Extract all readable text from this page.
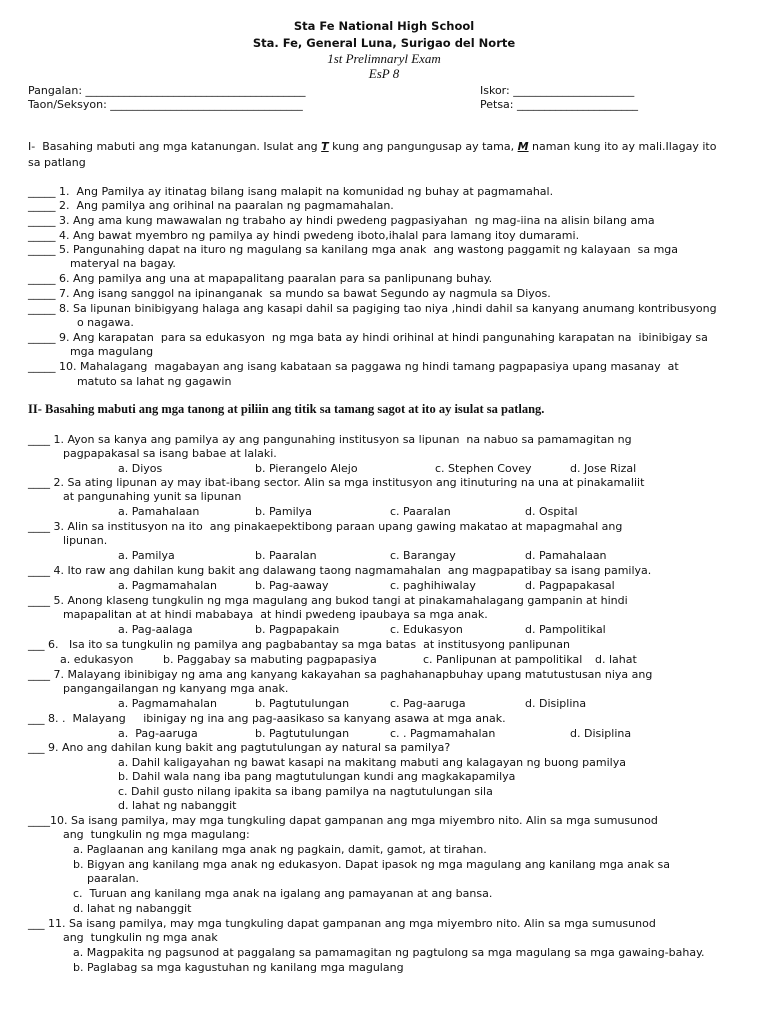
Sta Fe National High School
Sta. Fe, General Luna, Surigao del Norte
1st Prelimnaryl Exam
EsP 8
Pangalan: ________________________________________	Iskor: ______________________
Taon/Seksyon: ___________________________________	Petsa: ______________________
I-  Basahing mabuti ang mga katanungan. Isulat ang T kung ang pangungusap ay tama, M naman kung ito ay mali.Ilagay ito
sa patlang
_____ 1.  Ang Pamilya ay itinatag bilang isang malapit na komunidad ng buhay at pagmamahal.
_____ 2.  Ang pamilya ang orihinal na paaralan ng pagmamahalan.
_____ 3. Ang ama kung mawawalan ng trabaho ay hindi pwedeng pagpasiyahan  ng mag-iina na alisin bilang ama
_____ 4. Ang bawat myembro ng pamilya ay hindi pwedeng iboto,ihalal para lamang itoy dumarami.
_____ 5. Pangunahing dapat na ituro ng magulang sa kanilang mga anak  ang wastong paggamit ng kalayaan  sa mga
materyal na bagay.
_____ 6. Ang pamilya ang una at mapapalitang paaralan para sa panlipunang buhay.
_____ 7. Ang isang sanggol na ipinanganak  sa mundo sa bawat Segundo ay nagmula sa Diyos.
_____ 8. Sa lipunan binibigyang halaga ang kasapi dahil sa pagiging tao niya ,hindi dahil sa kanyang anumang kontribusyong
o nagawa.
_____ 9. Ang karapatan  para sa edukasyon  ng mga bata ay hindi orihinal at hindi pangunahing karapatan na  ibinibigay sa
mga magulang
_____ 10. Mahalagang  magabayan ang isang kabataan sa paggawa ng hindi tamang pagpapasiya upang masanay  at
matuto sa lahat ng gagawin
II- Basahing mabuti ang mga tanong at piliin ang titik sa tamang sagot at ito ay isulat sa patlang.
____ 1. Ayon sa kanya ang pamilya ay ang pangunahing institusyon sa lipunan  na nabuo sa pamamagitan ng
pagpapakasal sa isang babae at lalaki.
a. Diyos	b. Pierangelo Alejo	c. Stephen Covey	d. Jose Rizal
____ 2. Sa ating lipunan ay may ibat-ibang sector. Alin sa mga institusyon ang itinuturing na una at pinakamaliit
at pangunahing yunit sa lipunan
a. Pamahalaan	b. Pamilya	c. Paaralan	d. Ospital
____ 3. Alin sa institusyon na ito  ang pinakaepektibong paraan upang gawing makatao at mapagmahal ang
lipunan.
a. Pamilya	b. Paaralan	c. Barangay	d. Pamahalaan
____ 4. Ito raw ang dahilan kung bakit ang dalawang taong nagmamahalan  ang magpapatibay sa isang pamilya.
a. Pagmamahalan	b. Pag-aaway	c. paghihiwalay	d. Pagpapakasal
____ 5. Anong klaseng tungkulin ng mga magulang ang bukod tangi at pinakamahalagang gampanin at hindi
mapapalitan at at hindi mababaya  at hindi pwedeng ipaubaya sa mga anak.
a. Pag-aalaga	b. Pagpapakain	c. Edukasyon	d. Pampolitikal
___ 6.   Isa ito sa tungkulin ng pamilya ang pagbabantay sa mga batas  at institusyong panlipunan
a. edukasyon	b. Paggabay sa mabuting pagpapasiya	c. Panlipunan at pampolitikal d. lahat
____ 7. Malayang ibinibigay ng ama ang kanyang kakayahan sa paghahanapbuhay upang matutustusan niya ang
pangangailangan ng kanyang mga anak.
a. Pagmamahalan	b. Pagtutulungan	c. Pag-aaruga	d. Disiplina
___ 8. .  Malayang     ibinigay ng ina ang pag-aasikaso sa kanyang asawa at mga anak.
a.  Pag-aaruga	b. Pagtutulungan	c. . Pagmamahalan	d. Disiplina
___ 9. Ano ang dahilan kung bakit ang pagtutulungan ay natural sa pamilya?
a. Dahil kaligayahan ng bawat kasapi na makitang mabuti ang kalagayan ng buong pamilya
b. Dahil wala nang iba pang magtutulungan kundi ang magkakapamilya
c. Dahil gusto nilang ipakita sa ibang pamilya na nagtutulungan sila
d. lahat ng nabanggit
____10. Sa isang pamilya, may mga tungkuling dapat gampanan ang mga miyembro nito. Alin sa mga sumusunod
ang  tungkulin ng mga magulang:
a. Paglaanan ang kanilang mga anak ng pagkain, damit, gamot, at tirahan.
b. Bigyan ang kanilang mga anak ng edukasyon. Dapat ipasok ng mga magulang ang kanilang mga anak sa
paaralan.
c.  Turuan ang kanilang mga anak na igalang ang pamayanan at ang bansa.
d. lahat ng nabanggit
___ 11. Sa isang pamilya, may mga tungkuling dapat gampanan ang mga miyembro nito. Alin sa mga sumusunod
ang  tungkulin ng mga anak
a. Magpakita ng pagsunod at paggalang sa pamamagitan ng pagtulong sa mga magulang sa mga gawaing-bahay.
b. Paglabag sa mga kagustuhan ng kanilang mga magulang
